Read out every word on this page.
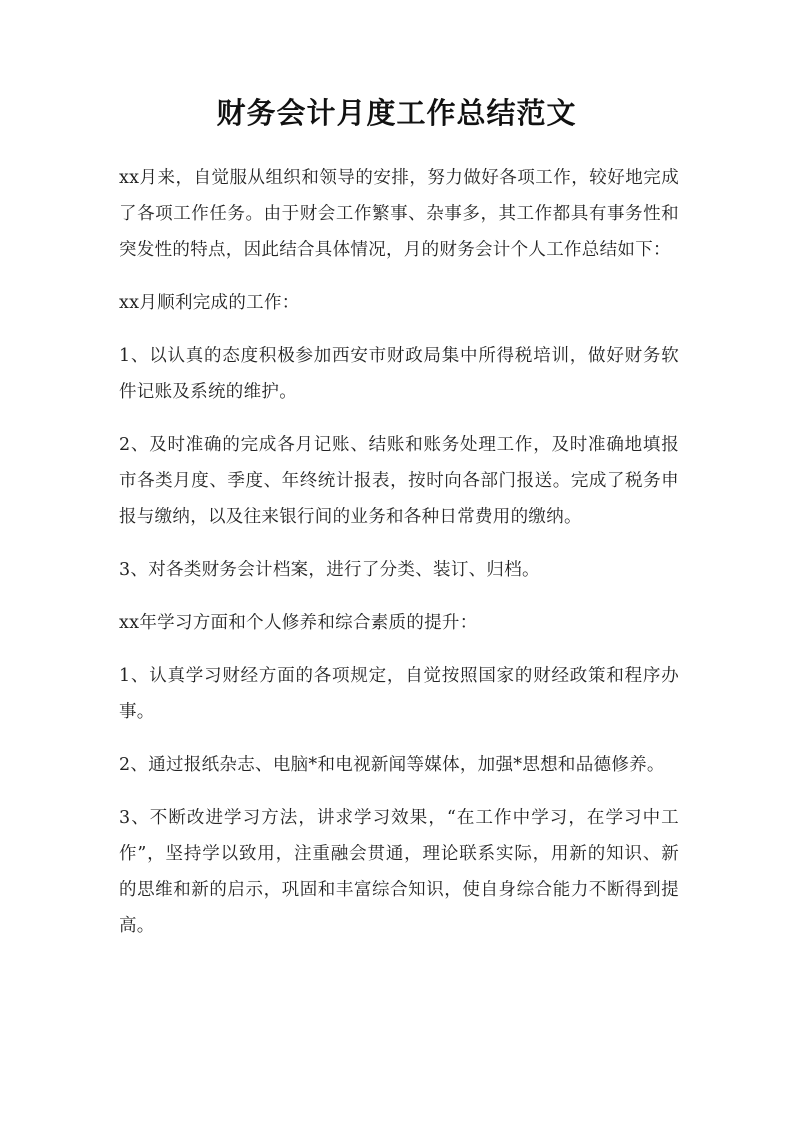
财务会计月度工作总结范文

xx月来，自觉服从组织和领导的安排，努力做好各项工作，较好地完成了各项工作任务。由于财会工作繁事、杂事多，其工作都具有事务性和突发性的特点，因此结合具体情况，月的财务会计个人工作总结如下：

xx月顺利完成的工作：

1、以认真的态度积极参加西安市财政局集中所得税培训，做好财务软件记账及系统的维护。

2、及时准确的完成各月记账、结账和账务处理工作，及时准确地填报市各类月度、季度、年终统计报表，按时向各部门报送。完成了税务申报与缴纳，以及往来银行间的业务和各种日常费用的缴纳。

3、对各类财务会计档案，进行了分类、装订、归档。

xx年学习方面和个人修养和综合素质的提升：

1、认真学习财经方面的各项规定，自觉按照国家的财经政策和程序办事。

2、通过报纸杂志、电脑*和电视新闻等媒体，加强*思想和品德修养。

3、不断改进学习方法，讲求学习效果，“在工作中学习，在学习中工作”，坚持学以致用，注重融会贯通，理论联系实际，用新的知识、新的思维和新的启示，巩固和丰富综合知识，使自身综合能力不断得到提高。
